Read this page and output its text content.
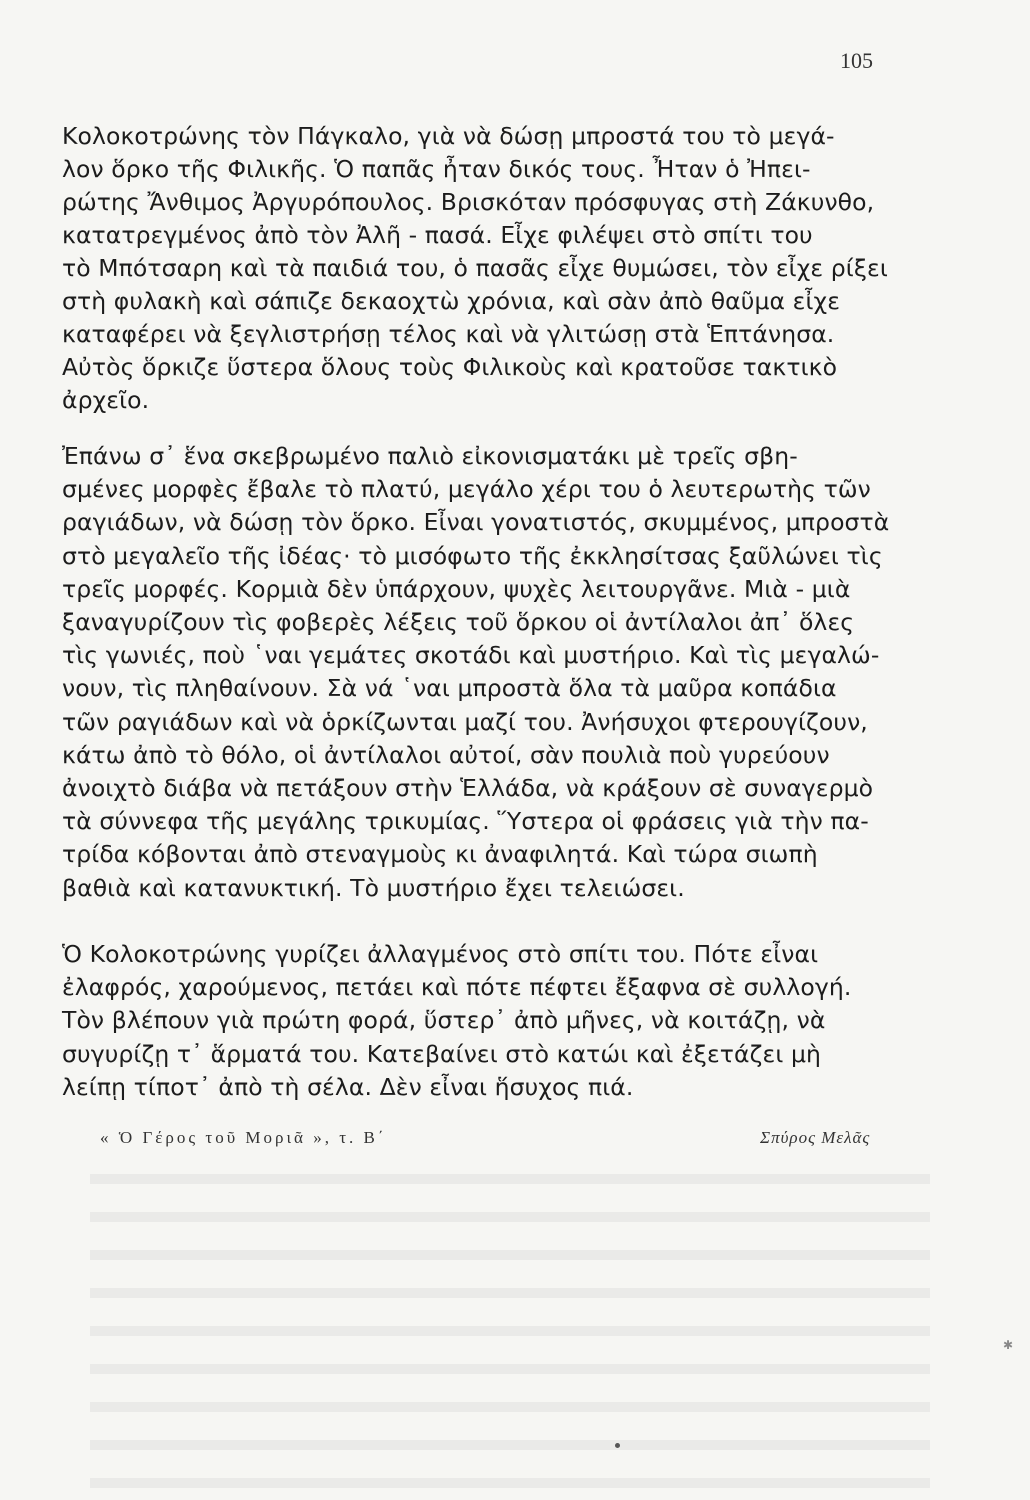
105
Κολοκοτρώνης τὸν Πάγκαλο, γιὰ νὰ δώσῃ μπροστά του τὸ μεγά-
λον ὅρκο τῆς Φιλικῆς. Ὁ παπᾶς ἦταν δικός τους. Ἦταν ὁ Ἠπει-
ρώτης Ἄνθιμος Ἀργυρόπουλος. Βρισκόταν πρόσφυγας στὴ Ζάκυνθο,
κατατρεγμένος ἀπὸ τὸν Ἀλῆ - πασά. Εἶχε φιλέψει στὸ σπίτι του
τὸ Μπότσαρη καὶ τὰ παιδιά του, ὁ πασᾶς εἶχε θυμώσει, τὸν εἶχε ρίξει
στὴ φυλακὴ καὶ σάπιζε δεκαοχτὼ χρόνια, καὶ σὰν ἀπὸ θαῦμα εἶχε
καταφέρει νὰ ξεγλιστρήσῃ τέλος καὶ νὰ γλιτώσῃ στὰ Ἑπτάνησα.
Αὐτὸς ὅρκιζε ὕστερα ὅλους τοὺς Φιλικοὺς καὶ κρατοῦσε τακτικὸ
ἀρχεῖο.
Ἐπάνω σ᾽ ἕνα σκεβρωμένο παλιὸ εἰκονισματάκι μὲ τρεῖς σβη-
σμένες μορφὲς ἔβαλε τὸ πλατύ, μεγάλο χέρι του ὁ λευτερωτὴς τῶν
ραγιάδων, νὰ δώσῃ τὸν ὅρκο. Εἶναι γονατιστός, σκυμμένος, μπροστὰ
στὸ μεγαλεῖο τῆς ἰδέας· τὸ μισόφωτο τῆς ἐκκλησίτσας ξαῦλώνει τὶς
τρεῖς μορφές. Κορμιὰ δὲν ὑπάρχουν, ψυχὲς λειτουργᾶνε. Μιὰ - μιὰ
ξαναγυρίζουν τὶς φοβερὲς λέξεις τοῦ ὅρκου οἱ ἀντίλαλοι ἀπ᾽ ὅλες
τὶς γωνιές, ποὺ ῾ναι γεμάτες σκοτάδι καὶ μυστήριο. Καὶ τὶς μεγαλώ-
νουν, τὶς πληθαίνουν. Σὰ νά ῾ναι μπροστὰ ὅλα τὰ μαῦρα κοπάδια
τῶν ραγιάδων καὶ νὰ ὁρκίζωνται μαζί του. Ἀνήσυχοι φτερουγίζουν,
κάτω ἀπὸ τὸ θόλο, οἱ ἀντίλαλοι αὐτοί, σὰν πουλιὰ ποὺ γυρεύουν
ἀνοιχτὸ διάβα νὰ πετάξουν στὴν Ἑλλάδα, νὰ κράξουν σὲ συναγερμὸ
τὰ σύννεφα τῆς μεγάλης τρικυμίας. Ὕστερα οἱ φράσεις γιὰ τὴν πα-
τρίδα κόβονται ἀπὸ στεναγμοὺς κι ἀναφιλητά. Καὶ τώρα σιωπὴ
βαθιὰ καὶ κατανυκτική. Τὸ μυστήριο ἔχει τελειώσει.
Ὁ Κολοκοτρώνης γυρίζει ἀλλαγμένος στὸ σπίτι του. Πότε εἶναι
ἐλαφρός, χαρούμενος, πετάει καὶ πότε πέφτει ἔξαφνα σὲ συλλογή.
Τὸν βλέπουν γιὰ πρώτη φορά, ὕστερ᾽ ἀπὸ μῆνες, νὰ κοιτάζῃ, νὰ
συγυρίζῃ τ᾽ ἅρματά του. Κατεβαίνει στὸ κατώι καὶ ἐξετάζει μὴ
λείπῃ τίποτ᾽ ἀπὸ τὴ σέλα. Δὲν εἶναι ἥσυχος πιά.
« Ὁ Γέρος τοῦ Μοριᾶ », τ. Β΄	Σπύρος Μελᾶς
✱
